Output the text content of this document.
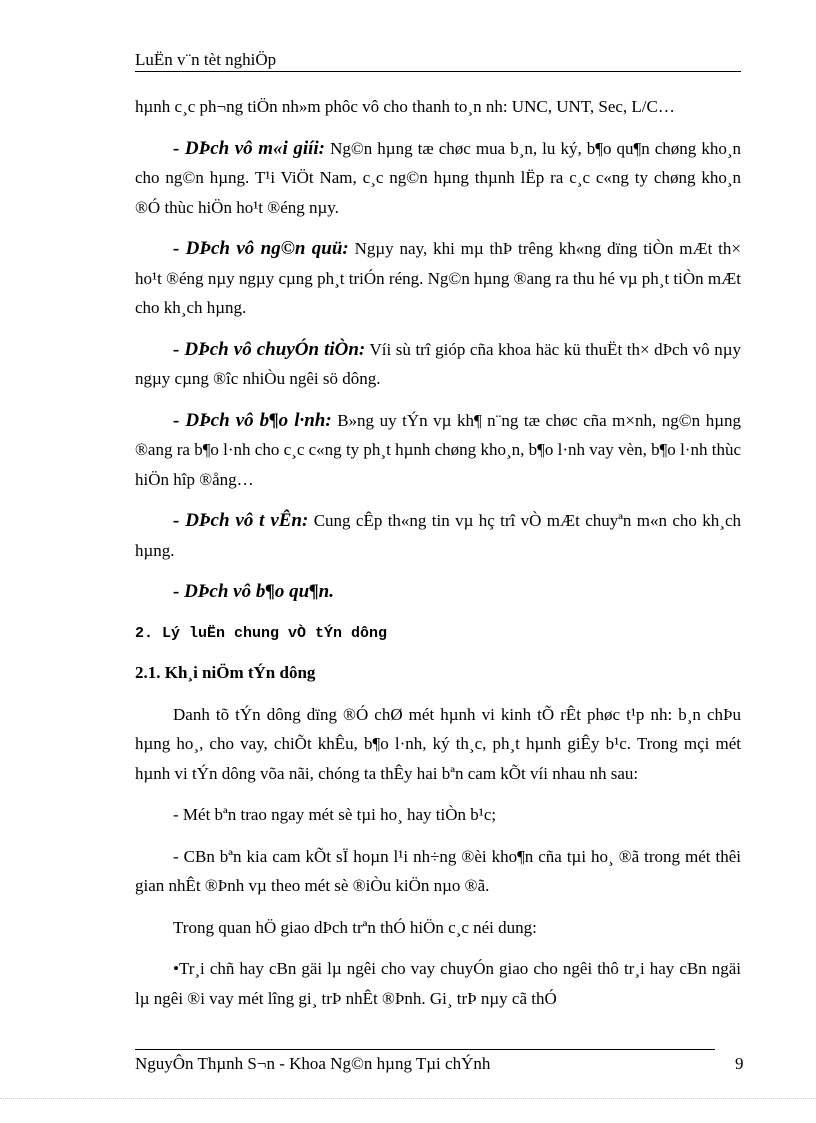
LuËn v¨n tèt nghiÖp

hµnh c¸c ph¬ng tiÖn nh»m phôc vô cho thanh to¸n nh: UNC, UNT, Sec, L/C…

- DÞch vô m«i giíi: Ng©n hµng tæ chøc mua b¸n, lu ký, b¶o qu¶n chøng kho¸n cho ng©n hµng. T¹i ViÖt Nam, c¸c ng©n hµng thµnh lËp ra c¸c c«ng ty chøng kho¸n ®Ó thùc hiÖn ho¹t ®éng nµy.

- DÞch vô ng©n quü: Ngµy nay, khi mµ thÞ trêng kh«ng dïng tiÒn mÆt th× ho¹t ®éng nµy ngµy cµng ph¸t triÓn réng. Ng©n hµng ®ang ra thu hé vµ ph¸t tiÒn mÆt cho kh¸ch hµng.

- DÞch vô chuyÓn tiÒn: Víi sù trî gióp cña khoa häc kü thuËt th× dÞch vô nµy ngµy cµng ®îc nhiÒu ngêi sö dông.

- DÞch vô b¶o l·nh: B»ng uy tÝn vµ kh¶ n¨ng tæ chøc cña m×nh, ng©n hµng ®ang ra b¶o l·nh cho c¸c c«ng ty ph¸t hµnh chøng kho¸n, b¶o l·nh vay vèn, b¶o l·nh thùc hiÖn hîp ®ång…

- DÞch vô t vÊn: Cung cÊp th«ng tin vµ hç trî vÒ mÆt chuyªn m«n cho kh¸ch hµng.

- DÞch vô b¶o qu¶n.

2. Lý luËn chung vÒ tÝn dông

2.1. Kh¸i niÖm tÝn dông

Danh tõ tÝn dông dïng ®Ó chØ mét hµnh vi kinh tÕ rÊt phøc t¹p nh: b¸n chÞu hµng ho¸, cho vay, chiÕt khÊu, b¶o l·nh, ký th¸c, ph¸t hµnh giÊy b¹c. Trong mçi mét hµnh vi tÝn dông võa nãi, chóng ta thÊy hai bªn cam kÕt víi nhau nh sau:

- Mét bªn trao ngay mét sè tµi ho¸ hay tiÒn b¹c;

- CBn bªn kia cam kÕt sÏ hoµn l¹i nh÷ng ®èi kho¶n cña tµi ho¸ ®ã trong mét thêi gian nhÊt ®Þnh vµ theo mét sè ®iÒu kiÖn nµo ®ã.

Trong quan hÖ giao dÞch trªn thÓ hiÖn c¸c néi dung:

•Tr¸i chñ hay cBn gäi lµ ngêi cho vay chuyÓn giao cho ngêi thô tr¸i hay cBn ngäi lµ ngêi ®i vay mét lîng gi¸ trÞ nhÊt ®Þnh. Gi¸ trÞ nµy cã thÓ

NguyÔn Thµnh S¬n - Khoa Ng©n hµng Tµi chÝnh	9
